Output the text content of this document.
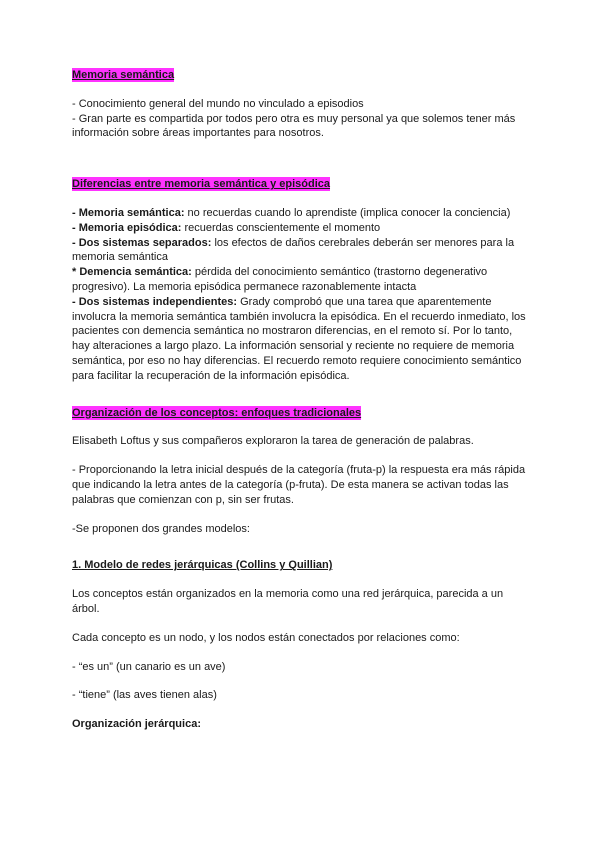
Memoria semántica

- Conocimiento general del mundo no vinculado a episodios

- Gran parte es compartida por todos pero otra es muy personal ya que solemos tener más información sobre áreas importantes para nosotros.

Diferencias entre memoria semántica y episódica

- Memoria semántica: no recuerdas cuando lo aprendiste (implica conocer la conciencia)

- Memoria episódica: recuerdas conscientemente el momento

- Dos sistemas separados: los efectos de daños cerebrales deberán ser menores para la memoria semántica

* Demencia semántica: pérdida del conocimiento semántico (trastorno degenerativo progresivo). La memoria episódica permanece razonablemente intacta

- Dos sistemas independientes: Grady comprobó que una tarea que aparentemente involucra la memoria semántica también involucra la episódica. En el recuerdo inmediato, los pacientes con demencia semántica no mostraron diferencias, en el remoto sí. Por lo tanto, hay alteraciones a largo plazo. La información sensorial y reciente no requiere de memoria semántica, por eso no hay diferencias. El recuerdo remoto requiere conocimiento semántico para facilitar la recuperación de la información episódica.

Organización de los conceptos: enfoques tradicionales

Elisabeth Loftus y sus compañeros exploraron la tarea de generación de palabras.

- Proporcionando la letra inicial después de la categoría (fruta-p) la respuesta era más rápida que indicando la letra antes de la categoría (p-fruta). De esta manera se activan todas las palabras que comienzan con p, sin ser frutas.

-Se proponen dos grandes modelos:

1. Modelo de redes jerárquicas (Collins y Quillian)

Los conceptos están organizados en la memoria como una red jerárquica, parecida a un árbol.

Cada concepto es un nodo, y los nodos están conectados por relaciones como:

- “es un” (un canario es un ave)

- “tiene” (las aves tienen alas)

Organización jerárquica:
